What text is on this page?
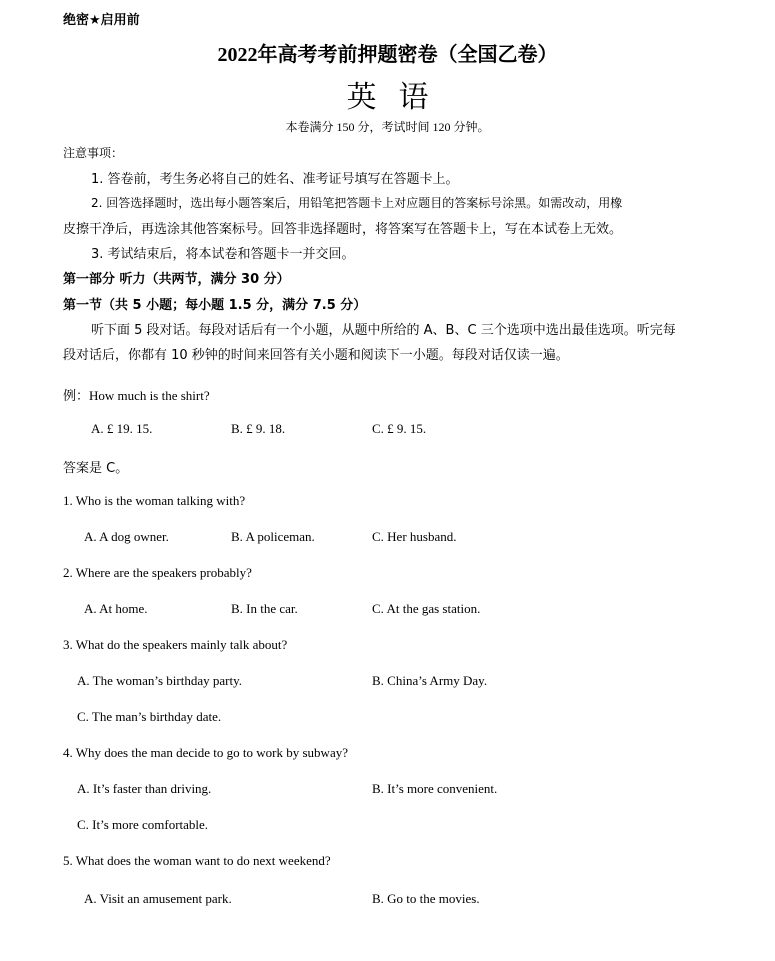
绝密★启用前
2022年高考考前押题密卷（全国乙卷）
英语
本卷满分 150 分，考试时间 120 分钟。
注意事项：
1. 答卷前，考生务必将自己的姓名、准考证号填写在答题卡上。
2. 回答选择题时，选出每小题答案后，用铅笔把答题卡上对应题目的答案标号涂黑。如需改动，用橡
皮擦干净后，再选涂其他答案标号。回答非选择题时，将答案写在答题卡上，写在本试卷上无效。
3. 考试结束后，将本试卷和答题卡一并交回。
第一部分 听力（共两节，满分 30 分）
第一节（共 5 小题；每小题 1.5 分，满分 7.5 分）
听下面 5 段对话。每段对话后有一个小题，从题中所给的 A、B、C 三个选项中选出最佳选项。听完每
段对话后，你都有 10 秒钟的时间来回答有关小题和阅读下一小题。每段对话仅读一遍。
例：How much is the shirt?
A. £ 19. 15.	B. £ 9. 18.	C. £ 9. 15.
答案是 C。
1. Who is the woman talking with?
A. A dog owner.	B. A policeman.	C. Her husband.
2. Where are the speakers probably?
A. At home.	B. In the car.	C. At the gas station.
3. What do the speakers mainly talk about?
A. The woman’s birthday party.	B. China’s Army Day.
C. The man’s birthday date.
4. Why does the man decide to go to work by subway?
A. It’s faster than driving.	B. It’s more convenient.
C. It’s more comfortable.
5. What does the woman want to do next weekend?
A. Visit an amusement park.	B. Go to the movies.
